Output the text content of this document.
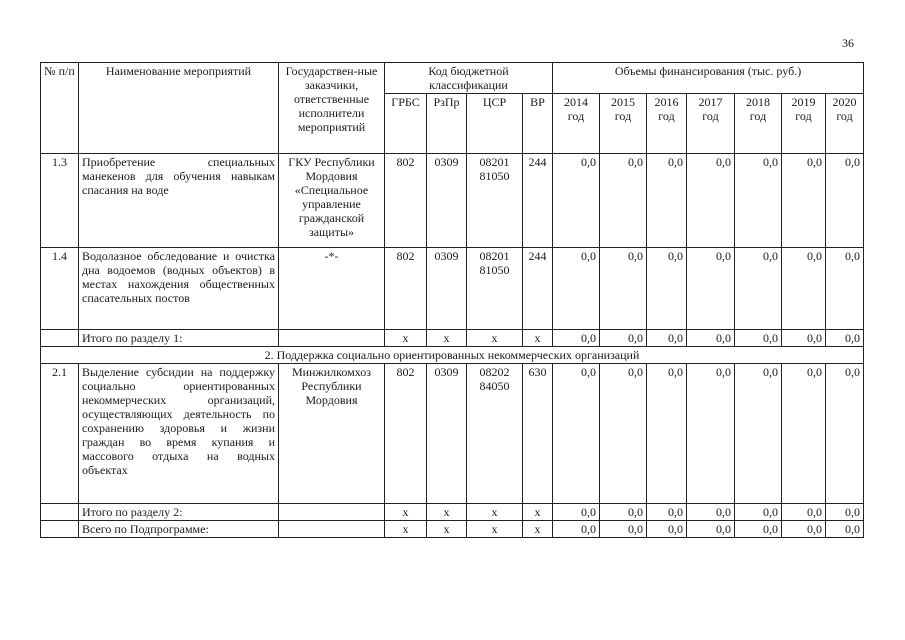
36
№ п/п	Наименование мероприятий	Государствен-ные заказчики, ответственные исполнители мероприятий	Код бюджетной классификации				Объемы финансирования (тыс. руб.)						
			ГРБС	РзПр	ЦСР	ВР	2014 год	2015 год	2016 год	2017 год	2018 год	2019 год	2020 год
1.3	Приобретение специальных манекенов для обучения навыкам спасания на воде	ГКУ Республики Мордовия «Специальное управление гражданской защиты»	802	0309	08201 81050	244	0,0	0,0	0,0	0,0	0,0	0,0	0,0
1.4	Водолазное обследование и очистка дна водоемов (водных объектов) в местах нахождения общественных спасательных постов	-*-	802	0309	08201 81050	244	0,0	0,0	0,0	0,0	0,0	0,0	0,0
	Итого по разделу 1:		х	х	х	х	0,0	0,0	0,0	0,0	0,0	0,0	0,0
2. Поддержка социально ориентированных некоммерческих организаций													
2.1	Выделение субсидии на поддержку социально ориентированных некоммерческих организаций, осуществляющих деятельность по сохранению здоровья и жизни граждан во время купания и массового отдыха на водных объектах	Минжилкомхоз Республики Мордовия	802	0309	08202 84050	630	0,0	0,0	0,0	0,0	0,0	0,0	0,0
	Итого по разделу 2:		х	х	х	х	0,0	0,0	0,0	0,0	0,0	0,0	0,0
	Всего по Подпрограмме:		х	х	х	х	0,0	0,0	0,0	0,0	0,0	0,0	0,0
